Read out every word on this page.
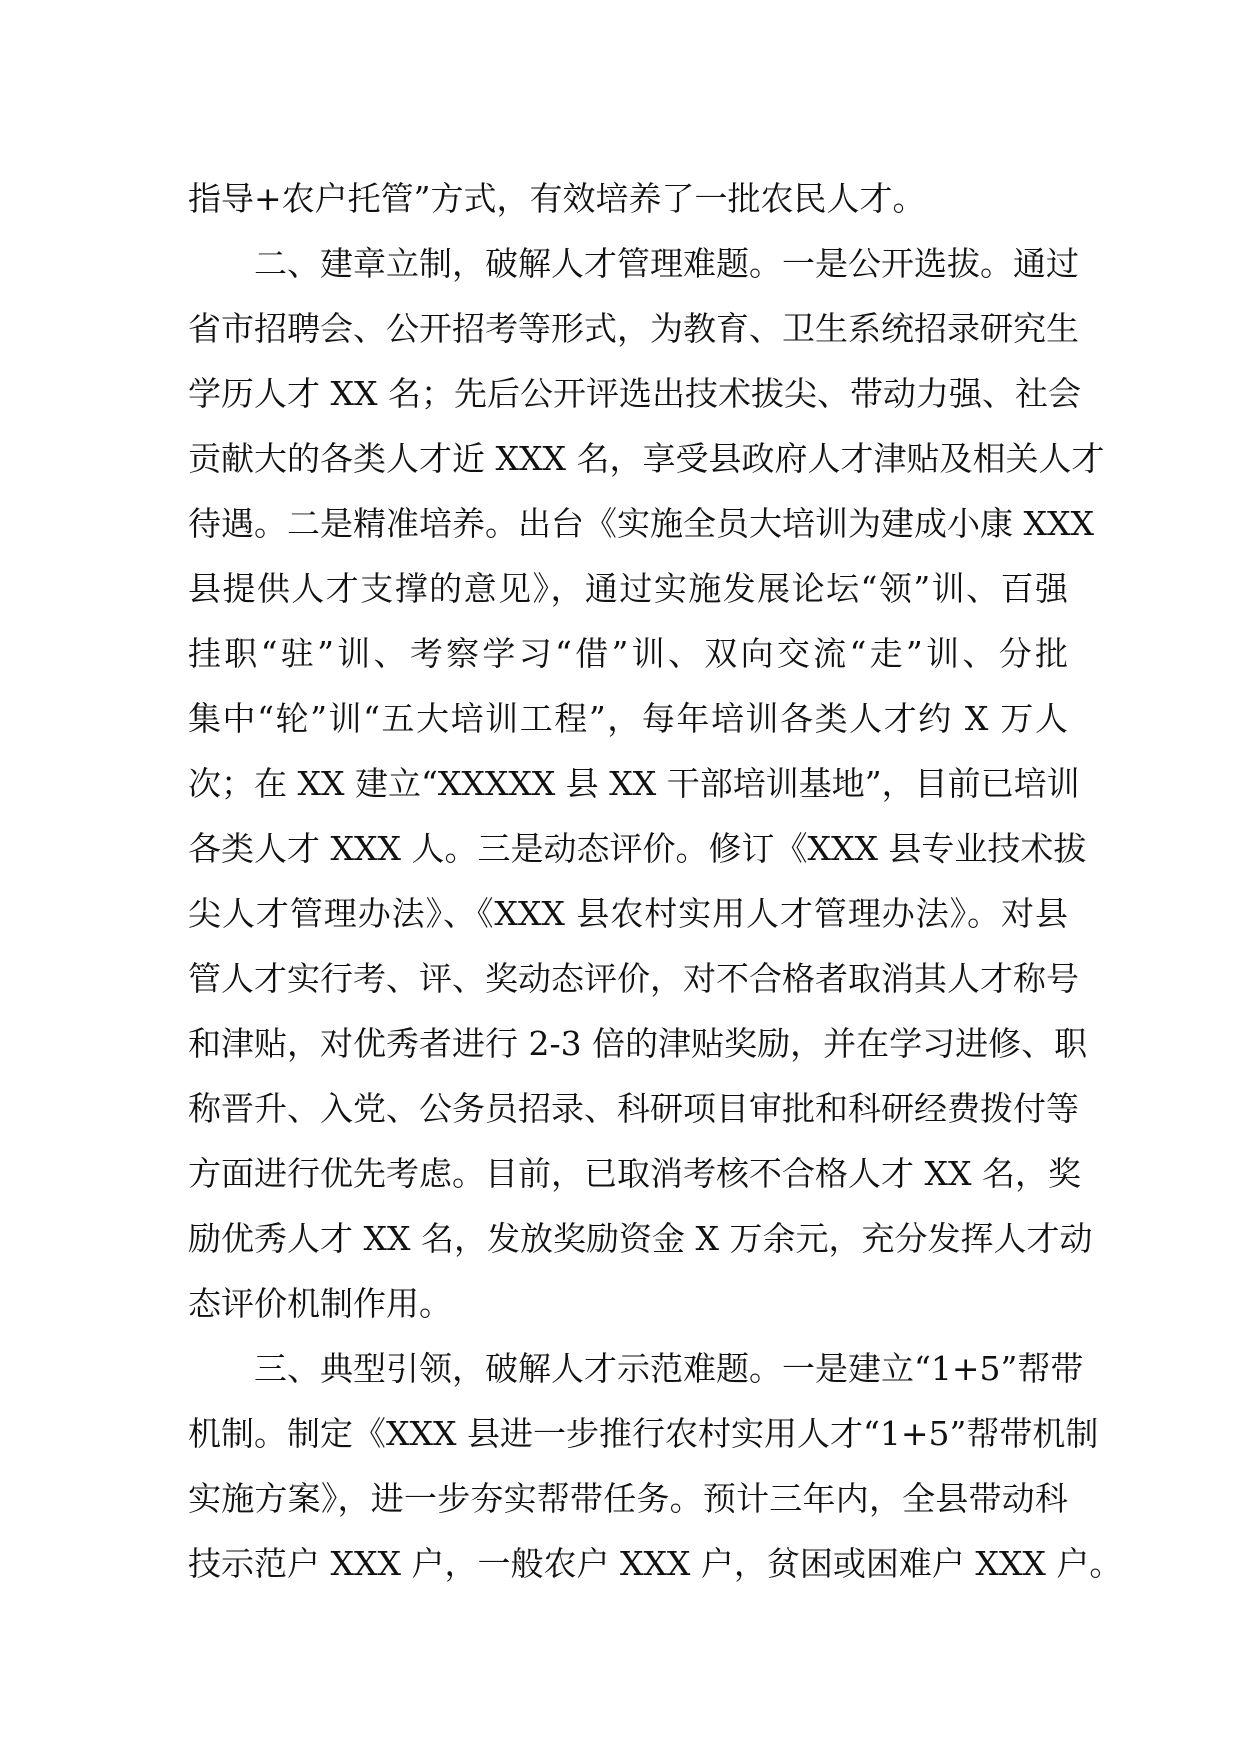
指导+农户托管”方式，有效培养了一批农民人才。
二、建章立制，破解人才管理难题。一是公开选拔。通过
省市招聘会、公开招考等形式，为教育、卫生系统招录研究生
学历人才 XX 名；先后公开评选出技术拔尖、带动力强、社会
贡献大的各类人才近 XXX 名，享受县政府人才津贴及相关人才
待遇。二是精准培养。出台《实施全员大培训为建成小康 XXX
县提供人才支撑的意见》，通过实施发展论坛“领”训、百强
挂职“驻”训、考察学习“借”训、双向交流“走”训、分批
集中“轮”训“五大培训工程”，每年培训各类人才约 X 万人
次；在 XX 建立“XXXXX 县 XX 干部培训基地”，目前已培训
各类人才 XXX 人。三是动态评价。修订《XXX 县专业技术拔
尖人才管理办法》、《XXX 县农村实用人才管理办法》。对县
管人才实行考、评、奖动态评价，对不合格者取消其人才称号
和津贴，对优秀者进行 2-3 倍的津贴奖励，并在学习进修、职
称晋升、入党、公务员招录、科研项目审批和科研经费拨付等
方面进行优先考虑。目前，已取消考核不合格人才 XX 名，奖
励优秀人才 XX 名，发放奖励资金 X 万余元，充分发挥人才动
态评价机制作用。
三、典型引领，破解人才示范难题。一是建立“1+5”帮带
机制。制定《XXX 县进一步推行农村实用人才“1+5”帮带机制
实施方案》，进一步夯实帮带任务。预计三年内，全县带动科
技示范户 XXX 户，一般农户 XXX 户，贫困或困难户 XXX 户。
